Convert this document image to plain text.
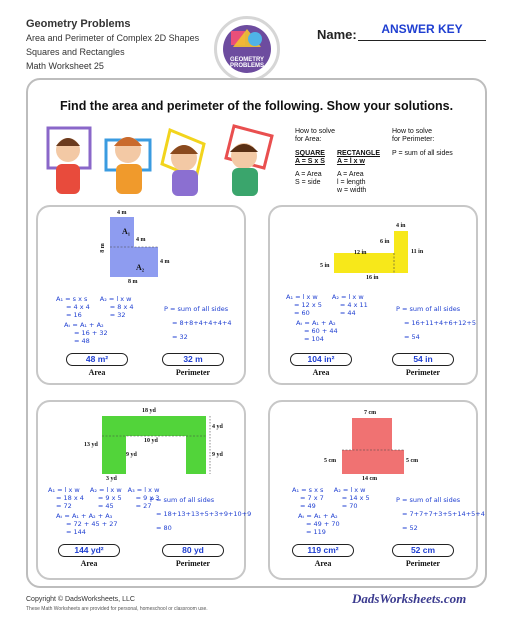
Geometry Problems
Area and Perimeter of Complex 2D Shapes
Squares and Rectangles
Math Worksheet 25
GEOMETRY
PROBLEMS
Name:	ANSWER KEY
Find the area and perimeter of the following. Show your solutions.
How to solve
for Area:
SQUARE
A = S x S
A = Area
S = side
RECTANGLE
A = l x w
A = Area
l = length
w = width
How to solve
for Perimeter:
P = sum of all sides
4 m
4 m
8 m
4 m
8 m
A₁
A₂
A₁ = s x s
= 4 x 4
= 16
A₂ = l x w
= 8 x 4
= 32
Aₜ = A₁ + A₂
= 16 + 32
= 48
P = sum of all sides
= 8+8+4+4+4+4
= 32
48 m²	32 m
Area	Perimeter
4 in
6 in
11 in
12 in
5 in
16 in
A₁ = l x w
= 12 x 5
= 60
A₂ = l x w
= 4 x 11
= 44
Aₜ = A₁ + A₂
= 60 + 44
= 104
P = sum of all sides
= 16+11+4+6+12+5
= 54
104 in²	54 in
Area	Perimeter
18 yd
10 yd
13 yd
9 yd
3 yd
4 yd
9 yd
A₁ = l x w
= 18 x 4
= 72
A₂ = l x w
= 9 x 5
= 45
A₃ = l x w
= 9 x 3
= 27
Aₜ = A₁ + A₂ + A₃
= 72 + 45 + 27
= 144
P = sum of all sides
= 18+13+13+5+3+9+10+9
= 80
144 yd²	80 yd
Area	Perimeter
7 cm
5 cm
5 cm
14 cm
A₁ = s x s
= 7 x 7
= 49
A₂ = l x w
= 14 x 5
= 70
Aₜ = A₁ + A₂
= 49 + 70
= 119
P = sum of all sides
= 7+7+7+3+5+14+5+4
= 52
119 cm²	52 cm
Area	Perimeter
Copyright © DadsWorksheets, LLC
These Math Worksheets are provided for personal, homeschool or classroom use.
DadsWorksheets.com
